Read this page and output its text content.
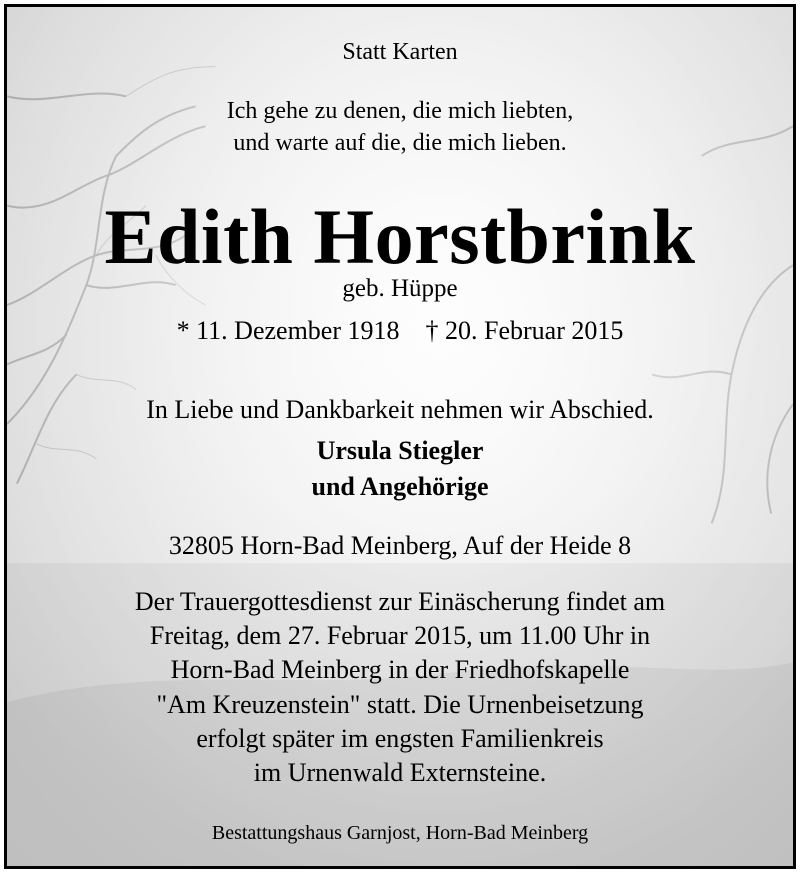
Statt Karten

Ich gehe zu denen, die mich liebten,
und warte auf die, die mich lieben.

Edith Horstbrink

geb. Hüppe

* 11. Dezember 1918 † 20. Februar 2015

In Liebe und Dankbarkeit nehmen wir Abschied.

Ursula Stiegler
und Angehörige

32805 Horn-Bad Meinberg, Auf der Heide 8

Der Trauergottesdienst zur Einäscherung findet am
Freitag, dem 27. Februar 2015, um 11.00 Uhr in
Horn-Bad Meinberg in der Friedhofskapelle
"Am Kreuzenstein" statt. Die Urnenbeisetzung
erfolgt später im engsten Familienkreis
im Urnenwald Externsteine.

Bestattungshaus Garnjost, Horn-Bad Meinberg
